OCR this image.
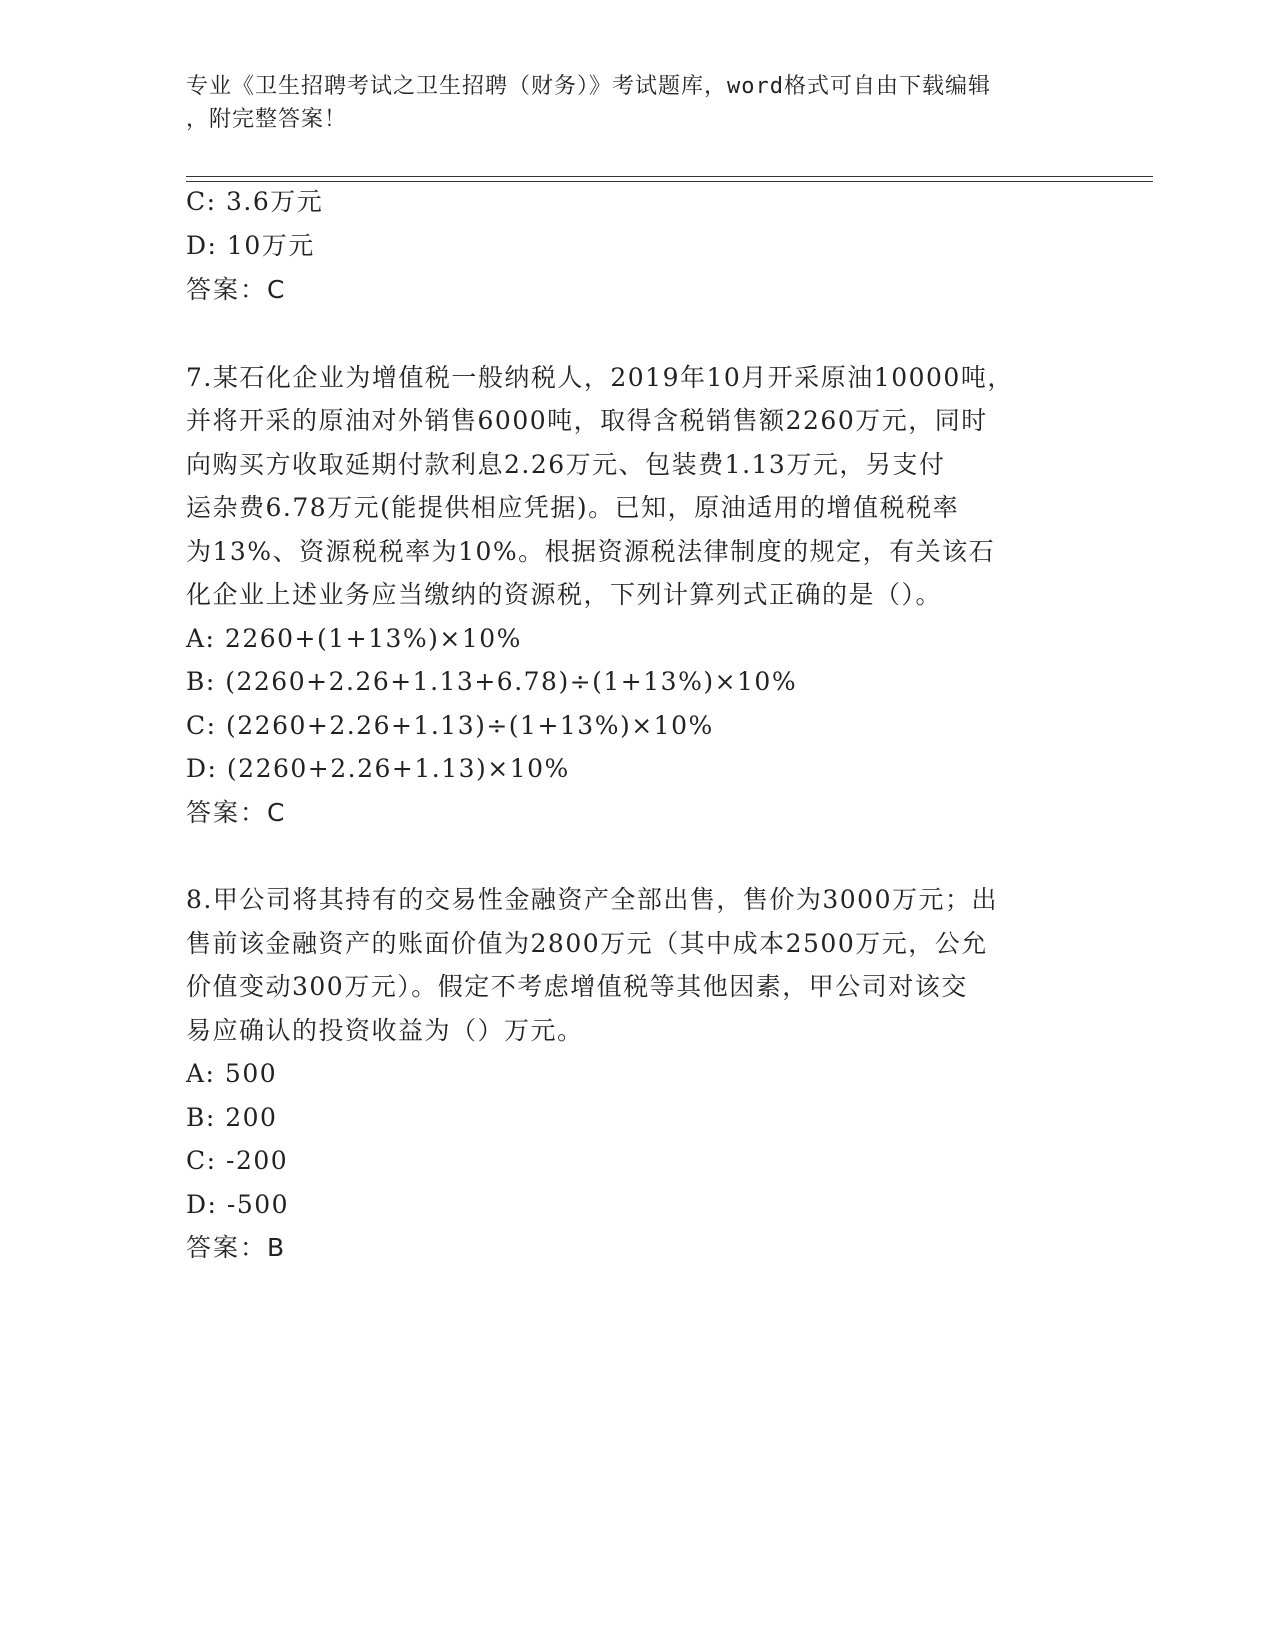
专业《卫生招聘考试之卫生招聘（财务）》考试题库，word格式可自由下载编辑
，附完整答案！
C: 3.6万元
D: 10万元
答案：C
7.某石化企业为增值税一般纳税人，2019年10月开采原油10000吨，
并将开采的原油对外销售6000吨，取得含税销售额2260万元，同时
向购买方收取延期付款利息2.26万元、包装费1.13万元，另支付
运杂费6.78万元(能提供相应凭据)。已知，原油适用的增值税税率
为13%、资源税税率为10%。根据资源税法律制度的规定，有关该石
化企业上述业务应当缴纳的资源税，下列计算列式正确的是（）。
A: 2260+(1+13%)×10%
B: (2260+2.26+1.13+6.78)÷(1+13%)×10%
C: (2260+2.26+1.13)÷(1+13%)×10%
D: (2260+2.26+1.13)×10%
答案：C
8.甲公司将其持有的交易性金融资产全部出售，售价为3000万元；出
售前该金融资产的账面价值为2800万元（其中成本2500万元，公允
价值变动300万元）。假定不考虑增值税等其他因素，甲公司对该交
易应确认的投资收益为（）万元。
A: 500
B: 200
C: -200
D: -500
答案：B
